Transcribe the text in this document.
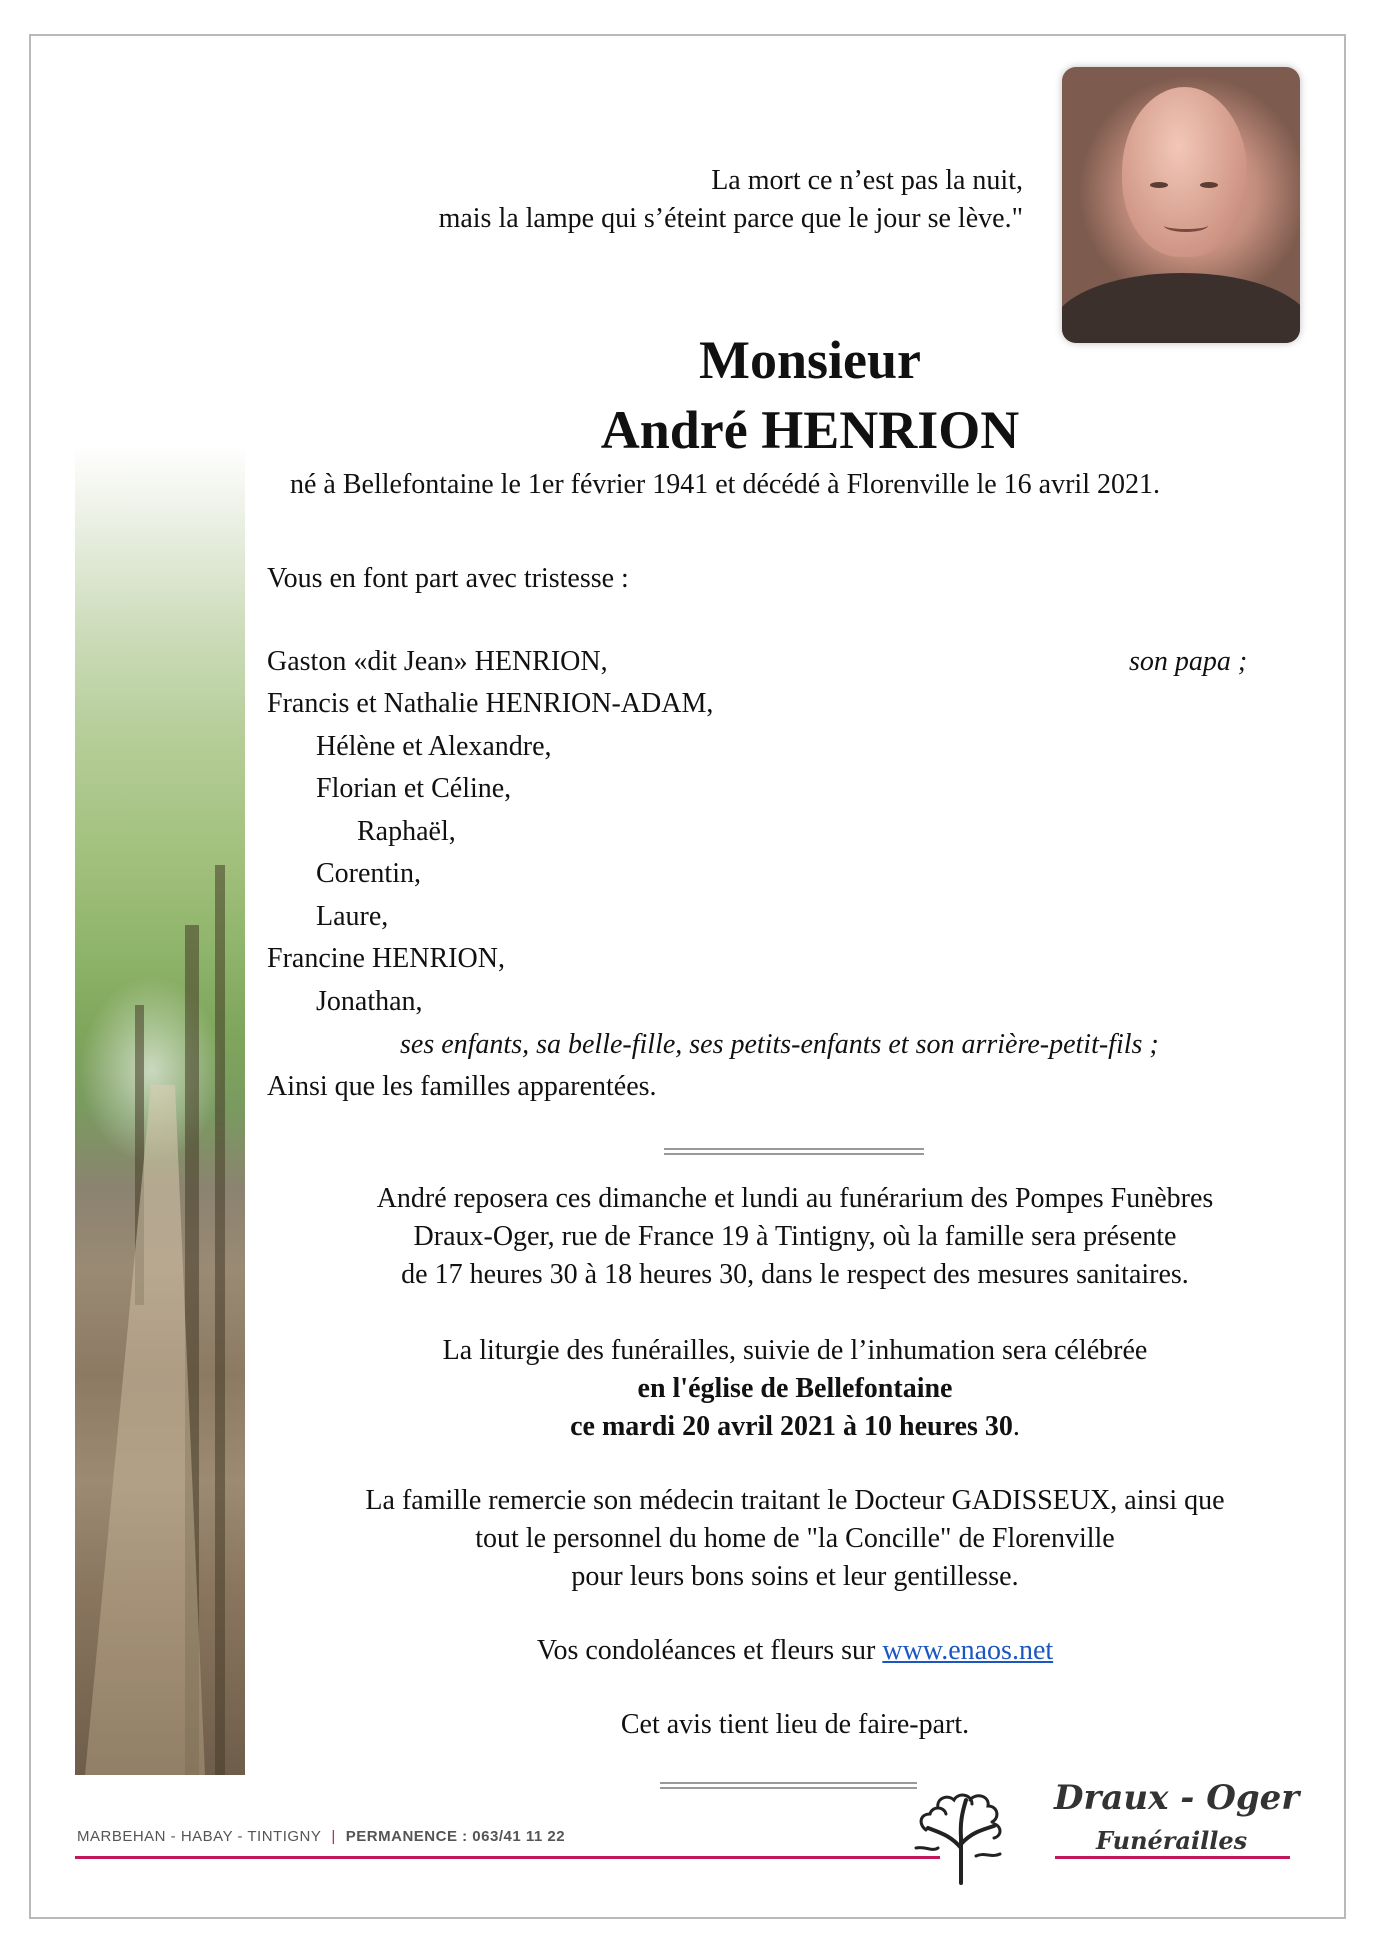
La mort ce n’est pas la nuit,
mais la lampe qui s’éteint parce que le jour se lève."
Monsieur
André HENRION
né à Bellefontaine le 1er février 1941 et décédé à Florenville le 16 avril 2021.
Vous en font part avec tristesse :
Gaston «dit Jean» HENRION,	son papa ;
Francis et Nathalie HENRION-ADAM,
Hélène et Alexandre,
Florian et Céline,
Raphaël,
Corentin,
Laure,
Francine HENRION,
Jonathan,
ses enfants, sa belle-fille, ses petits-enfants et son arrière-petit-fils ;
Ainsi que les familles apparentées.
André reposera ces dimanche et lundi au funérarium des Pompes Funèbres
Draux-Oger, rue de France 19 à Tintigny, où la famille sera présente
de 17 heures 30 à 18 heures 30, dans le respect des mesures sanitaires.
La liturgie des funérailles, suivie de l’inhumation sera célébrée
en l'église de Bellefontaine
ce mardi 20 avril 2021 à 10 heures 30.
La famille remercie son médecin traitant le Docteur GADISSEUX, ainsi que
tout le personnel du home de "la Concille" de Florenville
pour leurs bons soins et leur gentillesse.
Vos condoléances et fleurs sur www.enaos.net
Cet avis tient lieu de faire-part.
MARBEHAN - HABAY - TINTIGNY | PERMANENCE : 063/41 11 22
Draux - Oger
Funérailles
